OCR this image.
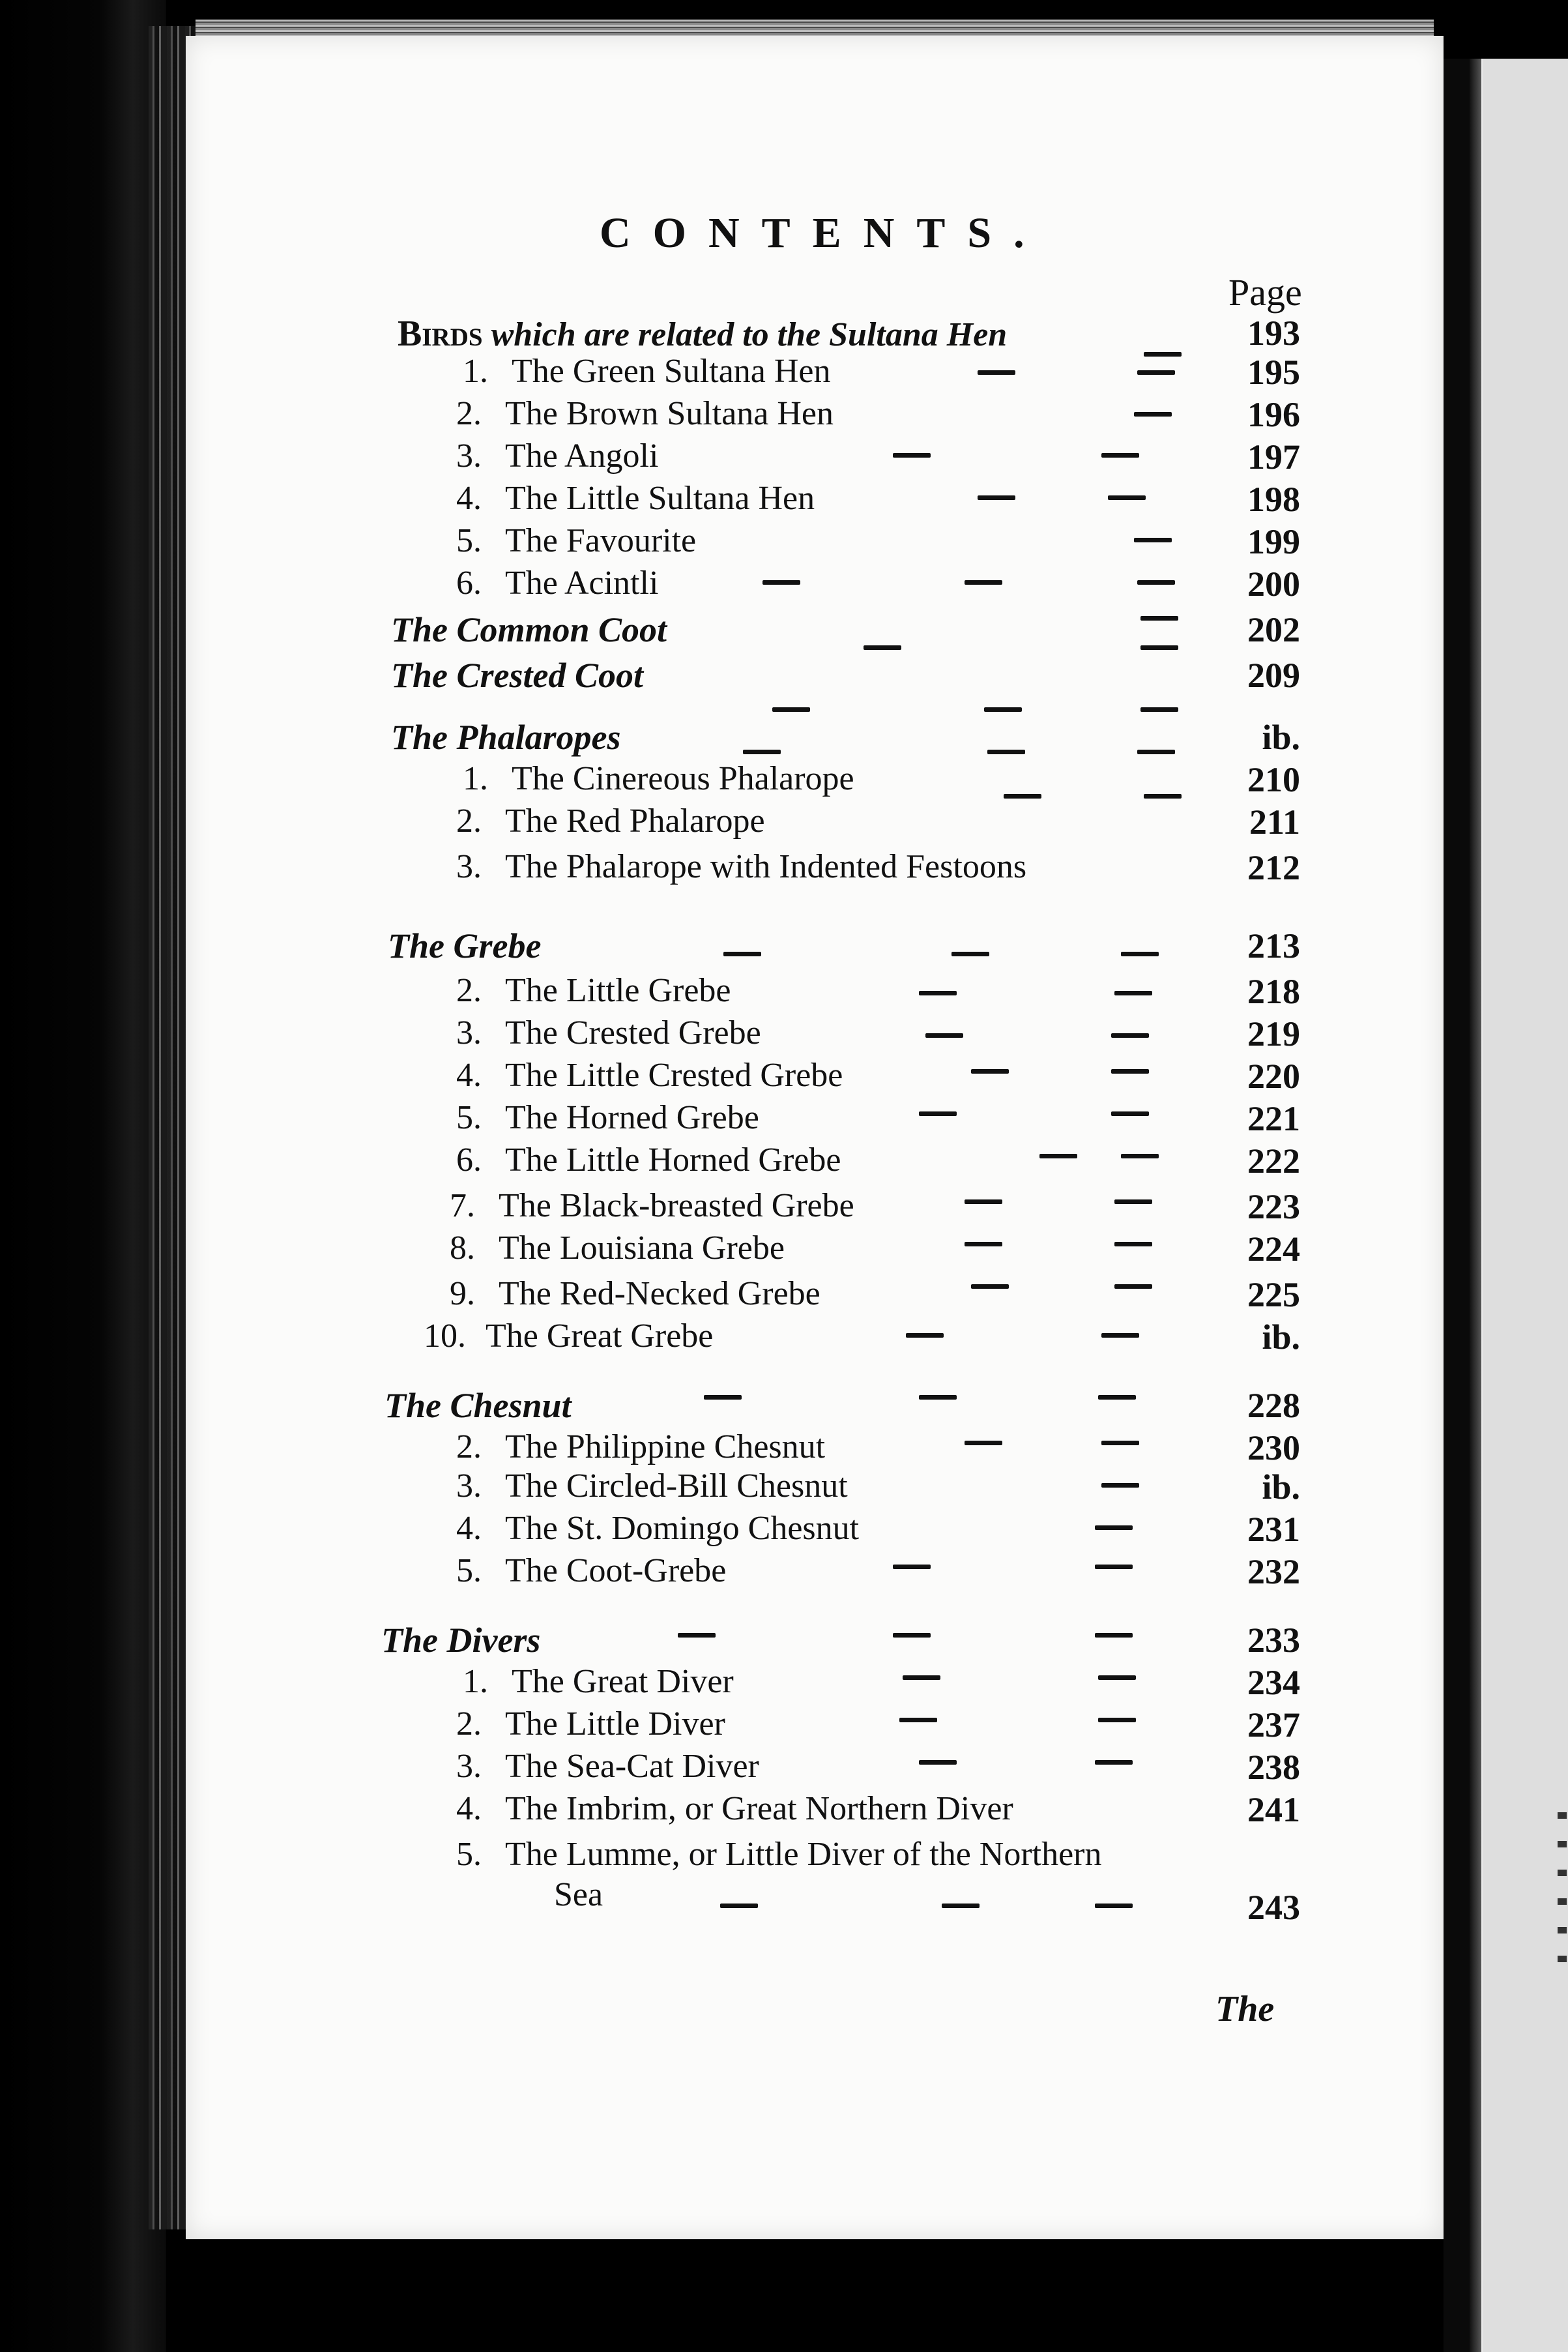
CONTENTS.
Page
Birds which are related to the Sultana Hen	193
1. The Green Sultana Hen	195
2. The Brown Sultana Hen	196
3. The Angoli	197
4. The Little Sultana Hen	198
5. The Favourite	199
6. The Acintli	200
The Common Coot	202
The Crested Coot	209
The Phalaropes	ib.
1. The Cinereous Phalarope	210
2. The Red Phalarope	211
3. The Phalarope with Indented Festoons	212
The Grebe	213
2. The Little Grebe	218
3. The Crested Grebe	219
4. The Little Crested Grebe	220
5. The Horned Grebe	221
6. The Little Horned Grebe	222
7. The Black-breasted Grebe	223
8. The Louisiana Grebe	224
9. The Red-Necked Grebe	225
10. The Great Grebe	ib.
The Chesnut	228
2. The Philippine Chesnut	230
3. The Circled-Bill Chesnut	ib.
4. The St. Domingo Chesnut	231
5. The Coot-Grebe	232
The Divers	233
1. The Great Diver	234
2. The Little Diver	237
3. The Sea-Cat Diver	238
4. The Imbrim, or Great Northern Diver	241
5. The Lumme, or Little Diver of the Northern
Sea	243
The
